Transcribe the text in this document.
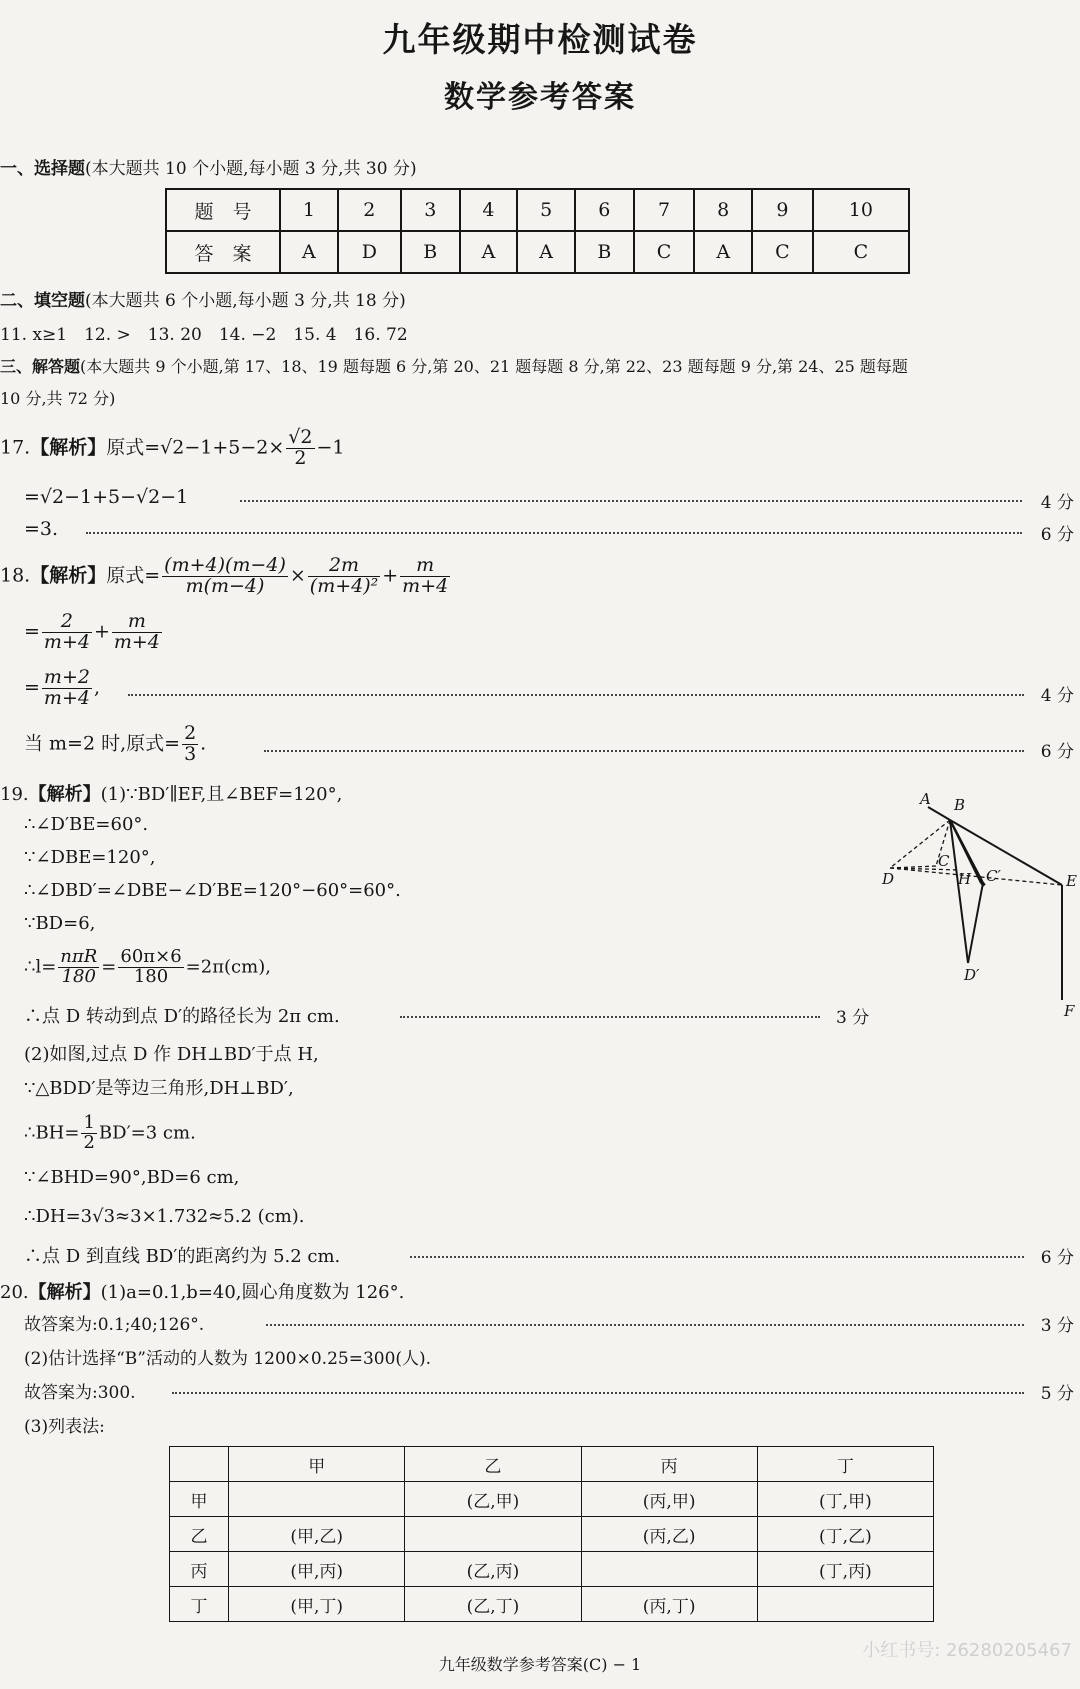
九年级期中检测试卷
数学参考答案
一、选择题(本大题共 10 个小题,每小题 3 分,共 30 分)
题　号	1	2	3	4	5	6	7	8	9	10
答　案	A	D	B	A	A	B	C	A	C	C
二、填空题(本大题共 6 个小题,每小题 3 分,共 18 分)
11. x≥1　12. >　13. 20　14. −2　15. 4　16. 72
三、解答题(本大题共 9 个小题,第 17、18、19 题每题 6 分,第 20、21 题每题 8 分,第 22、23 题每题 9 分,第 24、25 题每题
10 分,共 72 分)
17.【解析】原式$=√2-1+5-2\times \frac{√2}{2} -1$
=√2−1+5−√2−1	4 分
=3.	6 分
18.【解析】原式= $\frac{(m+4)(m-4)}{m(m-4)} \times \frac{2m}{\text{(m+4)²}} + \frac{m}{m+4}$
= $\frac{2}{m+4} + \frac{m}{m+4}$
= $\frac{m+2}{m+4}$ ,	4 分
当 m=2 时,原式= $\frac{2}{3}$ .	6 分
19.【解析】(1)∵BD′∥EF,且∠BEF=120°,
∴∠D′BE=60°.
∵∠DBE=120°,
∴∠DBD′=∠DBE−∠D′BE=120°−60°=60°.
∵BD=6,
∴l= $\frac{\text{nπR}}{180} = \frac{60\pi\times 6}{180} =2\pi(cm)$,
∴点 D 转动到点 D′的路径长为 2π cm.	3 分
(2)如图,过点 D 作 DH⊥BD′于点 H,
∵△BDD′是等边三角形,DH⊥BD′,
∴BH= $\frac{1}{2} BD'=3$ cm.
∵∠BHD=90°,BD=6 cm,
∴DH=3√3≈3×1.732≈5.2 (cm).
∴点 D 到直线 BD′的距离约为 5.2 cm.	6 分
A B
C
C′
D	H	E
D′
F
20.【解析】(1)a=0.1,b=40,圆心角度数为 126°.
故答案为:0.1;40;126°.	3 分
(2)估计选择“B”活动的人数为 1200×0.25=300(人).
故答案为:300.	5 分
(3)列表法:
	甲	乙	丙	丁
甲		(乙,甲)	(丙,甲)	(丁,甲)
乙	(甲,乙)		(丙,乙)	(丁,乙)
丙	(甲,丙)	(乙,丙)		(丁,丙)
丁	(甲,丁)	(乙,丁)	(丙,丁)	
九年级数学参考答案(C) − 1
小红书号: 26280205467
